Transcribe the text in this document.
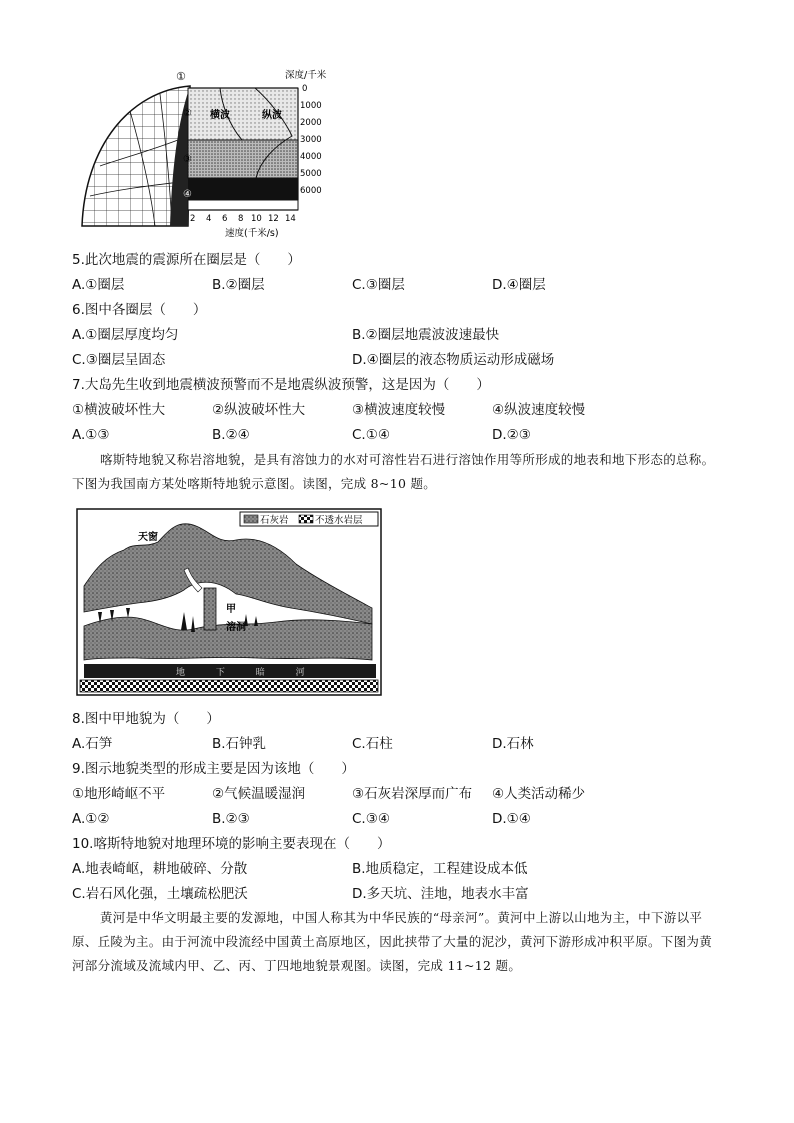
①
②
③
④
横波	纵波
深度/千米
0
1000
2000
3000
4000
5000
6000
2 4 6 8 10 12 14
速度(千米/s)
5.此次地震的震源所在圈层是（　　）
A.①圈层	B.②圈层	C.③圈层	D.④圈层
6.图中各圈层（　　）
A.①圈层厚度均匀	B.②圈层地震波波速最快
C.③圈层呈固态	D.④圈层的液态物质运动形成磁场
7.大岛先生收到地震横波预警而不是地震纵波预警，这是因为（　　）
①横波破坏性大	②纵波破坏性大	③横波速度较慢	④纵波速度较慢
A.①③	B.②④	C.①④	D.②③
喀斯特地貌又称岩溶地貌，是具有溶蚀力的水对可溶性岩石进行溶蚀作用等所形成的地表和地下形态的总称。下图为我国南方某处喀斯特地貌示意图。读图，完成 8~10 题。
石灰岩	不透水岩层
天窗
甲
溶洞
地 下 暗 河
8.图中甲地貌为（　　）
A.石笋	B.石钟乳	C.石柱	D.石林
9.图示地貌类型的形成主要是因为该地（　　）
①地形崎岖不平	②气候温暖湿润	③石灰岩深厚而广布 ④人类活动稀少
A.①②	B.②③	C.③④	D.①④
10.喀斯特地貌对地理环境的影响主要表现在（　　）
A.地表崎岖，耕地破碎、分散	B.地质稳定，工程建设成本低
C.岩石风化强，土壤疏松肥沃	D.多天坑、洼地，地表水丰富
黄河是中华文明最主要的发源地，中国人称其为中华民族的“母亲河”。黄河中上游以山地为主，中下游以平原、丘陵为主。由于河流中段流经中国黄土高原地区，因此挟带了大量的泥沙，黄河下游形成冲积平原。下图为黄河部分流域及流域内甲、乙、丙、丁四地地貌景观图。读图，完成 11~12 题。
